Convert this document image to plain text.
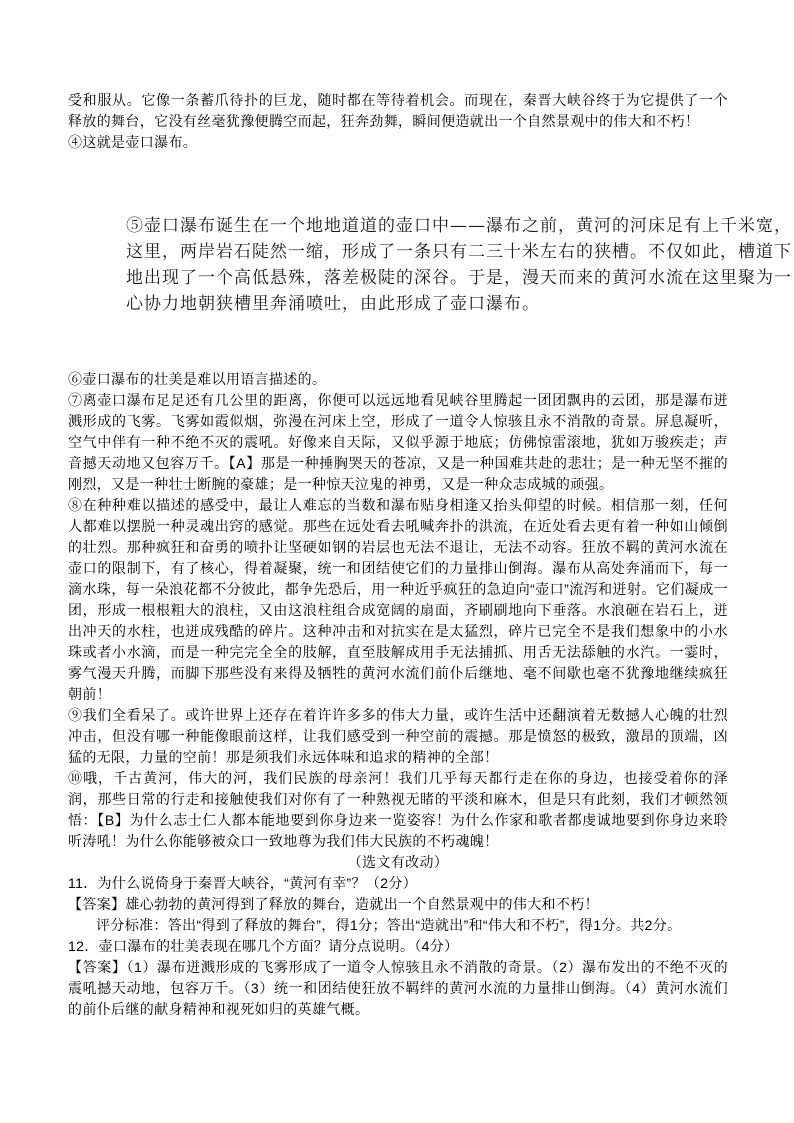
受和服从。它像一条蓄爪待扑的巨龙，随时都在等待着机会。而现在，秦晋大峡谷终于为它提供了一个释放的舞台，它没有丝毫犹豫便腾空而起，狂奔劲舞，瞬间便造就出一个自然景观中的伟大和不朽！

④这就是壶口瀑布。

⑤壶口瀑布诞生在一个地地道道的壶口中——瀑布之前，黄河的河床足有上千米宽，
这里，两岸岩石陡然一缩，形成了一条只有二三十米左右的狭槽。不仅如此，槽道下
地出现了一个高低悬殊，落差极陡的深谷。于是，漫天而来的黄河水流在这里聚为一
心协力地朝狭槽里奔涌喷吐，由此形成了壶口瀑布。

⑥壶口瀑布的壮美是难以用语言描述的。

⑦离壶口瀑布足足还有几公里的距离，你便可以远远地看见峡谷里腾起一团团飘冉的云团，那是瀑布迸溅形成的飞雾。飞雾如霞似烟，弥漫在河床上空，形成了一道令人惊骇且永不消散的奇景。屏息凝听，空气中伴有一种不绝不灭的震吼。好像来自天际，又似乎源于地底；仿佛惊雷滚地，犹如万骏疾走；声音撼天动地又包容万千。【A】那是一种捶胸哭天的苍凉，又是一种国难共赴的悲壮；是一种无坚不摧的刚烈，又是一种壮士断腕的豪雄；是一种惊天泣鬼的神勇，又是一种众志成城的顽强。

⑧在种种难以描述的感受中，最让人难忘的当数和瀑布贴身相逢又抬头仰望的时候。相信那一刻，任何人都难以摆脱一种灵魂出窍的感觉。那些在远处看去吼喊奔扑的洪流，在近处看去更有着一种如山倾倒的壮烈。那种疯狂和奋勇的喷扑让坚硬如钢的岩层也无法不退让，无法不动容。狂放不羁的黄河水流在壶口的限制下，有了核心，得着凝聚，统一和团结使它们的力量排山倒海。瀑布从高处奔涌而下，每一滴水珠，每一朵浪花都不分彼此，都争先恐后，用一种近乎疯狂的急迫向“壶口”流泻和迸射。它们凝成一团，形成一根根粗大的浪柱，又由这浪柱组合成宽阔的扇面，齐刷刷地向下垂落。水浪砸在岩石上，迸出冲天的水柱，也迸成残酷的碎片。这种冲击和对抗实在是太猛烈，碎片已完全不是我们想象中的小水珠或者小水滴，而是一种完完全全的肢解，直至肢解成用手无法捕抓、用舌无法舔触的水汽。一霎时，雾气漫天升腾，而脚下那些没有来得及牺牲的黄河水流们前仆后继地、毫不间歇也毫不犹豫地继续疯狂朝前！

⑨我们全看呆了。或许世界上还存在着许许多多的伟大力量，或许生活中还翻演着无数撼人心魄的壮烈冲击，但没有哪一种能像眼前这样，让我们感受到一种空前的震撼。那是愤怒的极致，激昂的顶端，凶猛的无限，力量的空前！那是须我们永远体味和追求的精神的全部！

⑩哦，千古黄河，伟大的河，我们民族的母亲河！我们几乎每天都行走在你的身边，也接受着你的泽润，那些日常的行走和接触使我们对你有了一种熟视无睹的平淡和麻木，但是只有此刻，我们才顿然领悟：【B】为什么志士仁人都本能地要到你身边来一览姿容！为什么作家和歌者都虔诚地要到你身边来聆听涛吼！为什么你能够被众口一致地尊为我们伟大民族的不朽魂魄！

（选文有改动）

11．为什么说倚身于秦晋大峡谷，“黄河有幸”？（2分）

【答案】雄心勃勃的黄河得到了释放的舞台，造就出一个自然景观中的伟大和不朽！

评分标准：答出“得到了释放的舞台”，得1分；答出“造就出”和“伟大和不朽”，得1分。共2分。

12．壶口瀑布的壮美表现在哪几个方面？请分点说明。（4分）

【答案】（1）瀑布迸溅形成的飞雾形成了一道令人惊骇且永不消散的奇景。（2）瀑布发出的不绝不灭的震吼撼天动地，包容万千。（3）统一和团结使狂放不羁绊的黄河水流的力量排山倒海。（4）黄河水流们的前仆后继的献身精神和视死如归的英雄气概。
